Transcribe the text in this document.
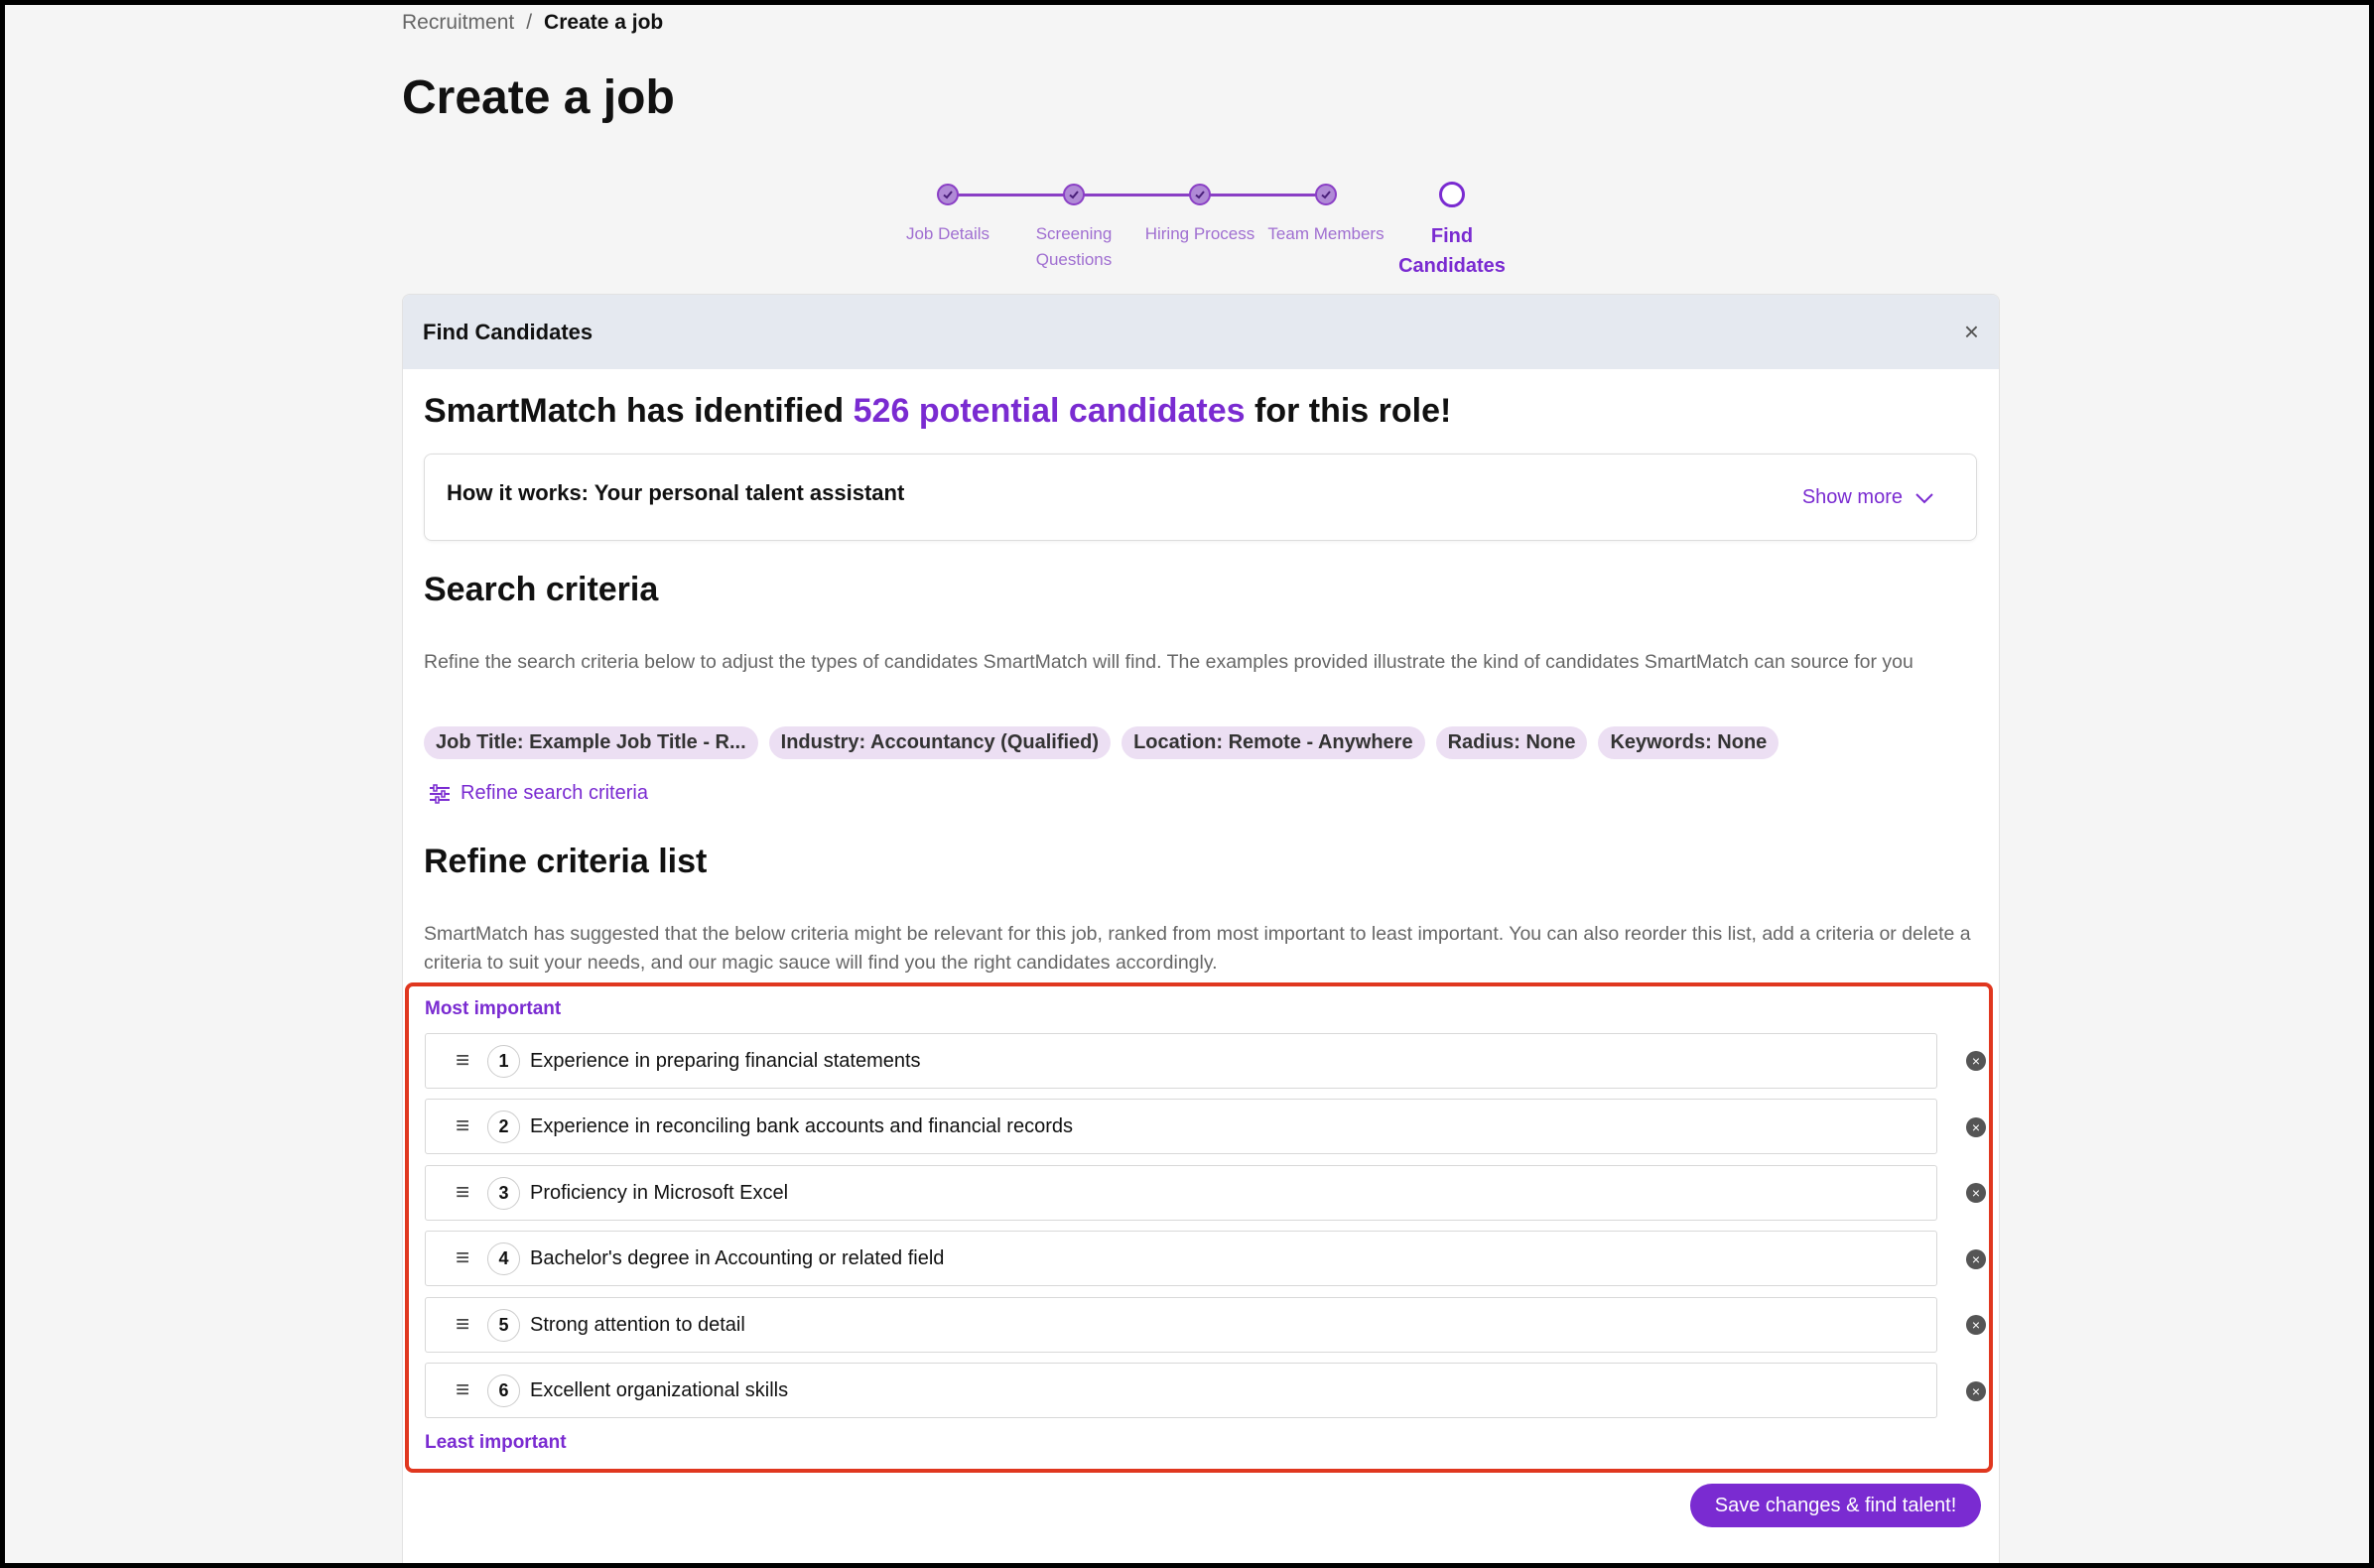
Recruitment / Create a job
Create a job
Job Details	Screening Questions
Hiring Process Team Members	Find Candidates
Find Candidates	×
SmartMatch has identified 526 potential candidates for this role!
How it works: Your personal talent assistant	Show more
Search criteria
Refine the search criteria below to adjust the types of candidates SmartMatch will find. The examples provided illustrate the kind of candidates SmartMatch can source for you
Job Title: Example Job Title - R...	Industry: Accountancy (Qualified)	Location: Remote - Anywhere	Radius: None	Keywords: None
Refine search criteria
Refine criteria list
SmartMatch has suggested that the below criteria might be relevant for this job, ranked from most important to least important. You can also reorder this list, add a criteria or delete a criteria to suit your needs, and our magic sauce will find you the right candidates accordingly.
Most important
≡	1	Experience in preparing financial statements	×
≡	2	Experience in reconciling bank accounts and financial records	×
≡	3	Proficiency in Microsoft Excel	×
≡	4	Bachelor's degree in Accounting or related field	×
≡	5	Strong attention to detail	×
≡	6	Excellent organizational skills	×
Least important
Save changes & find talent!
